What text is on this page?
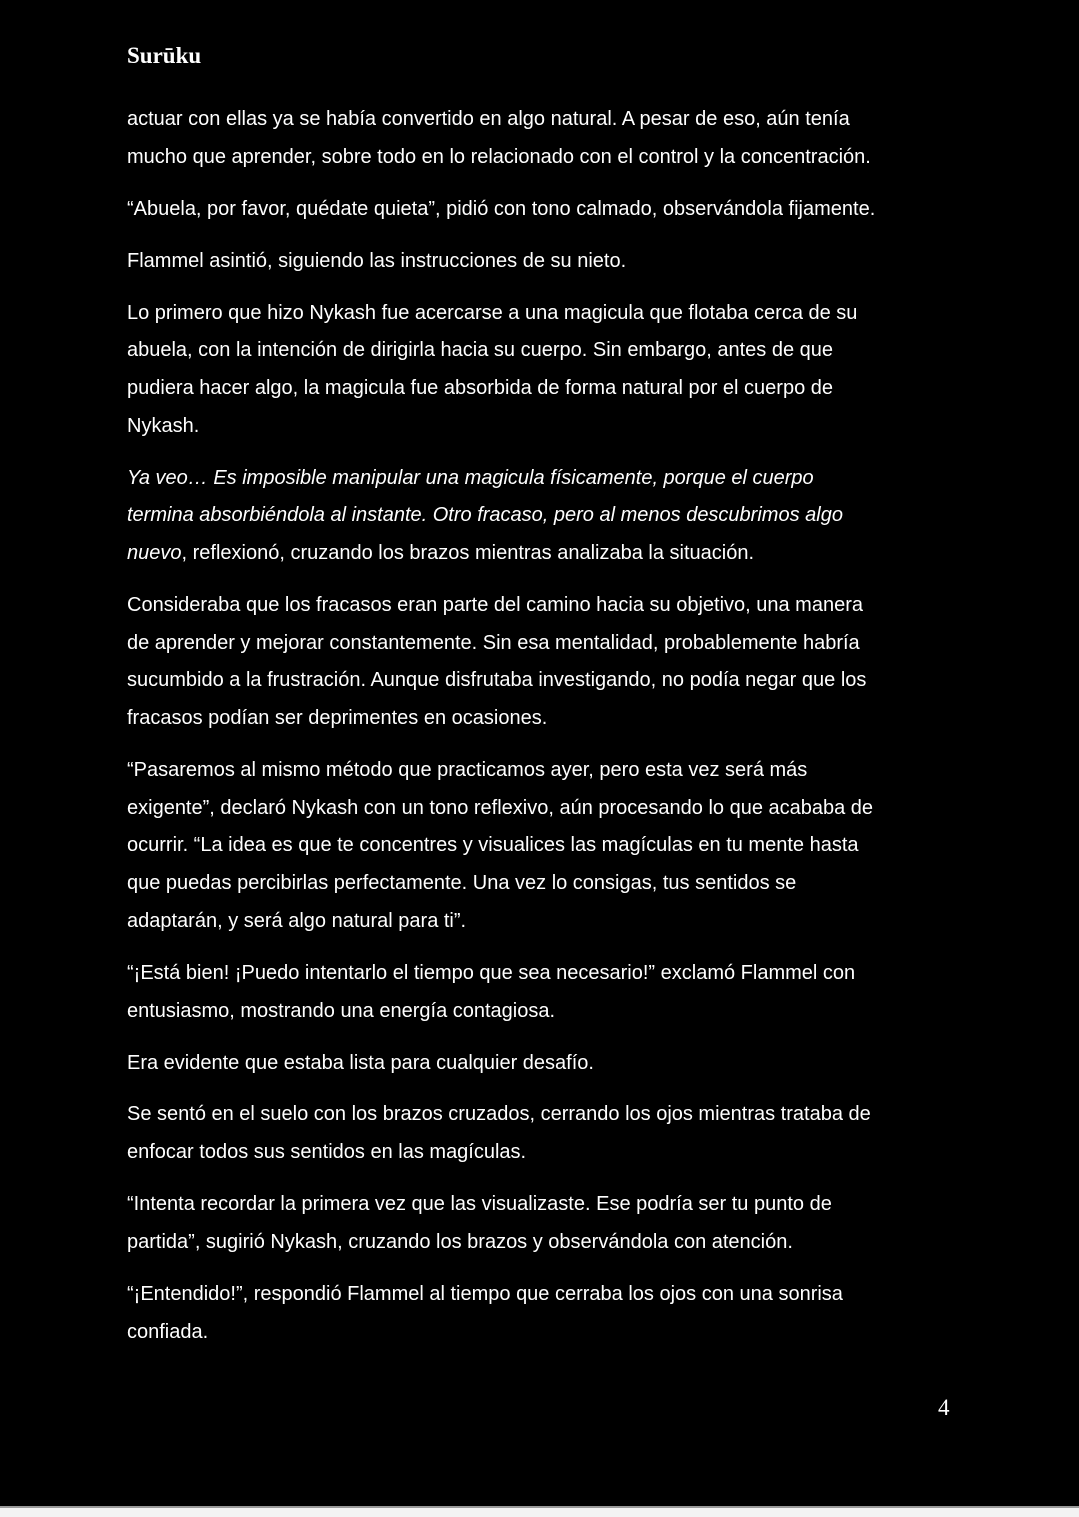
Surūku

actuar con ellas ya se había convertido en algo natural. A pesar de eso, aún tenía
mucho que aprender, sobre todo en lo relacionado con el control y la concentración.

“Abuela, por favor, quédate quieta”, pidió con tono calmado, observándola fijamente.

Flammel asintió, siguiendo las instrucciones de su nieto.

Lo primero que hizo Nykash fue acercarse a una magicula que flotaba cerca de su
abuela, con la intención de dirigirla hacia su cuerpo. Sin embargo, antes de que
pudiera hacer algo, la magicula fue absorbida de forma natural por el cuerpo de
Nykash.

Ya veo… Es imposible manipular una magicula físicamente, porque el cuerpo
termina absorbiéndola al instante. Otro fracaso, pero al menos descubrimos algo
nuevo, reflexionó, cruzando los brazos mientras analizaba la situación.

Consideraba que los fracasos eran parte del camino hacia su objetivo, una manera
de aprender y mejorar constantemente. Sin esa mentalidad, probablemente habría
sucumbido a la frustración. Aunque disfrutaba investigando, no podía negar que los
fracasos podían ser deprimentes en ocasiones.

“Pasaremos al mismo método que practicamos ayer, pero esta vez será más
exigente”, declaró Nykash con un tono reflexivo, aún procesando lo que acababa de
ocurrir. “La idea es que te concentres y visualices las magículas en tu mente hasta
que puedas percibirlas perfectamente. Una vez lo consigas, tus sentidos se
adaptarán, y será algo natural para ti”.

“¡Está bien! ¡Puedo intentarlo el tiempo que sea necesario!” exclamó Flammel con
entusiasmo, mostrando una energía contagiosa.

Era evidente que estaba lista para cualquier desafío.

Se sentó en el suelo con los brazos cruzados, cerrando los ojos mientras trataba de
enfocar todos sus sentidos en las magículas.

“Intenta recordar la primera vez que las visualizaste. Ese podría ser tu punto de
partida”, sugirió Nykash, cruzando los brazos y observándola con atención.

“¡Entendido!”, respondió Flammel al tiempo que cerraba los ojos con una sonrisa
confiada.

4
